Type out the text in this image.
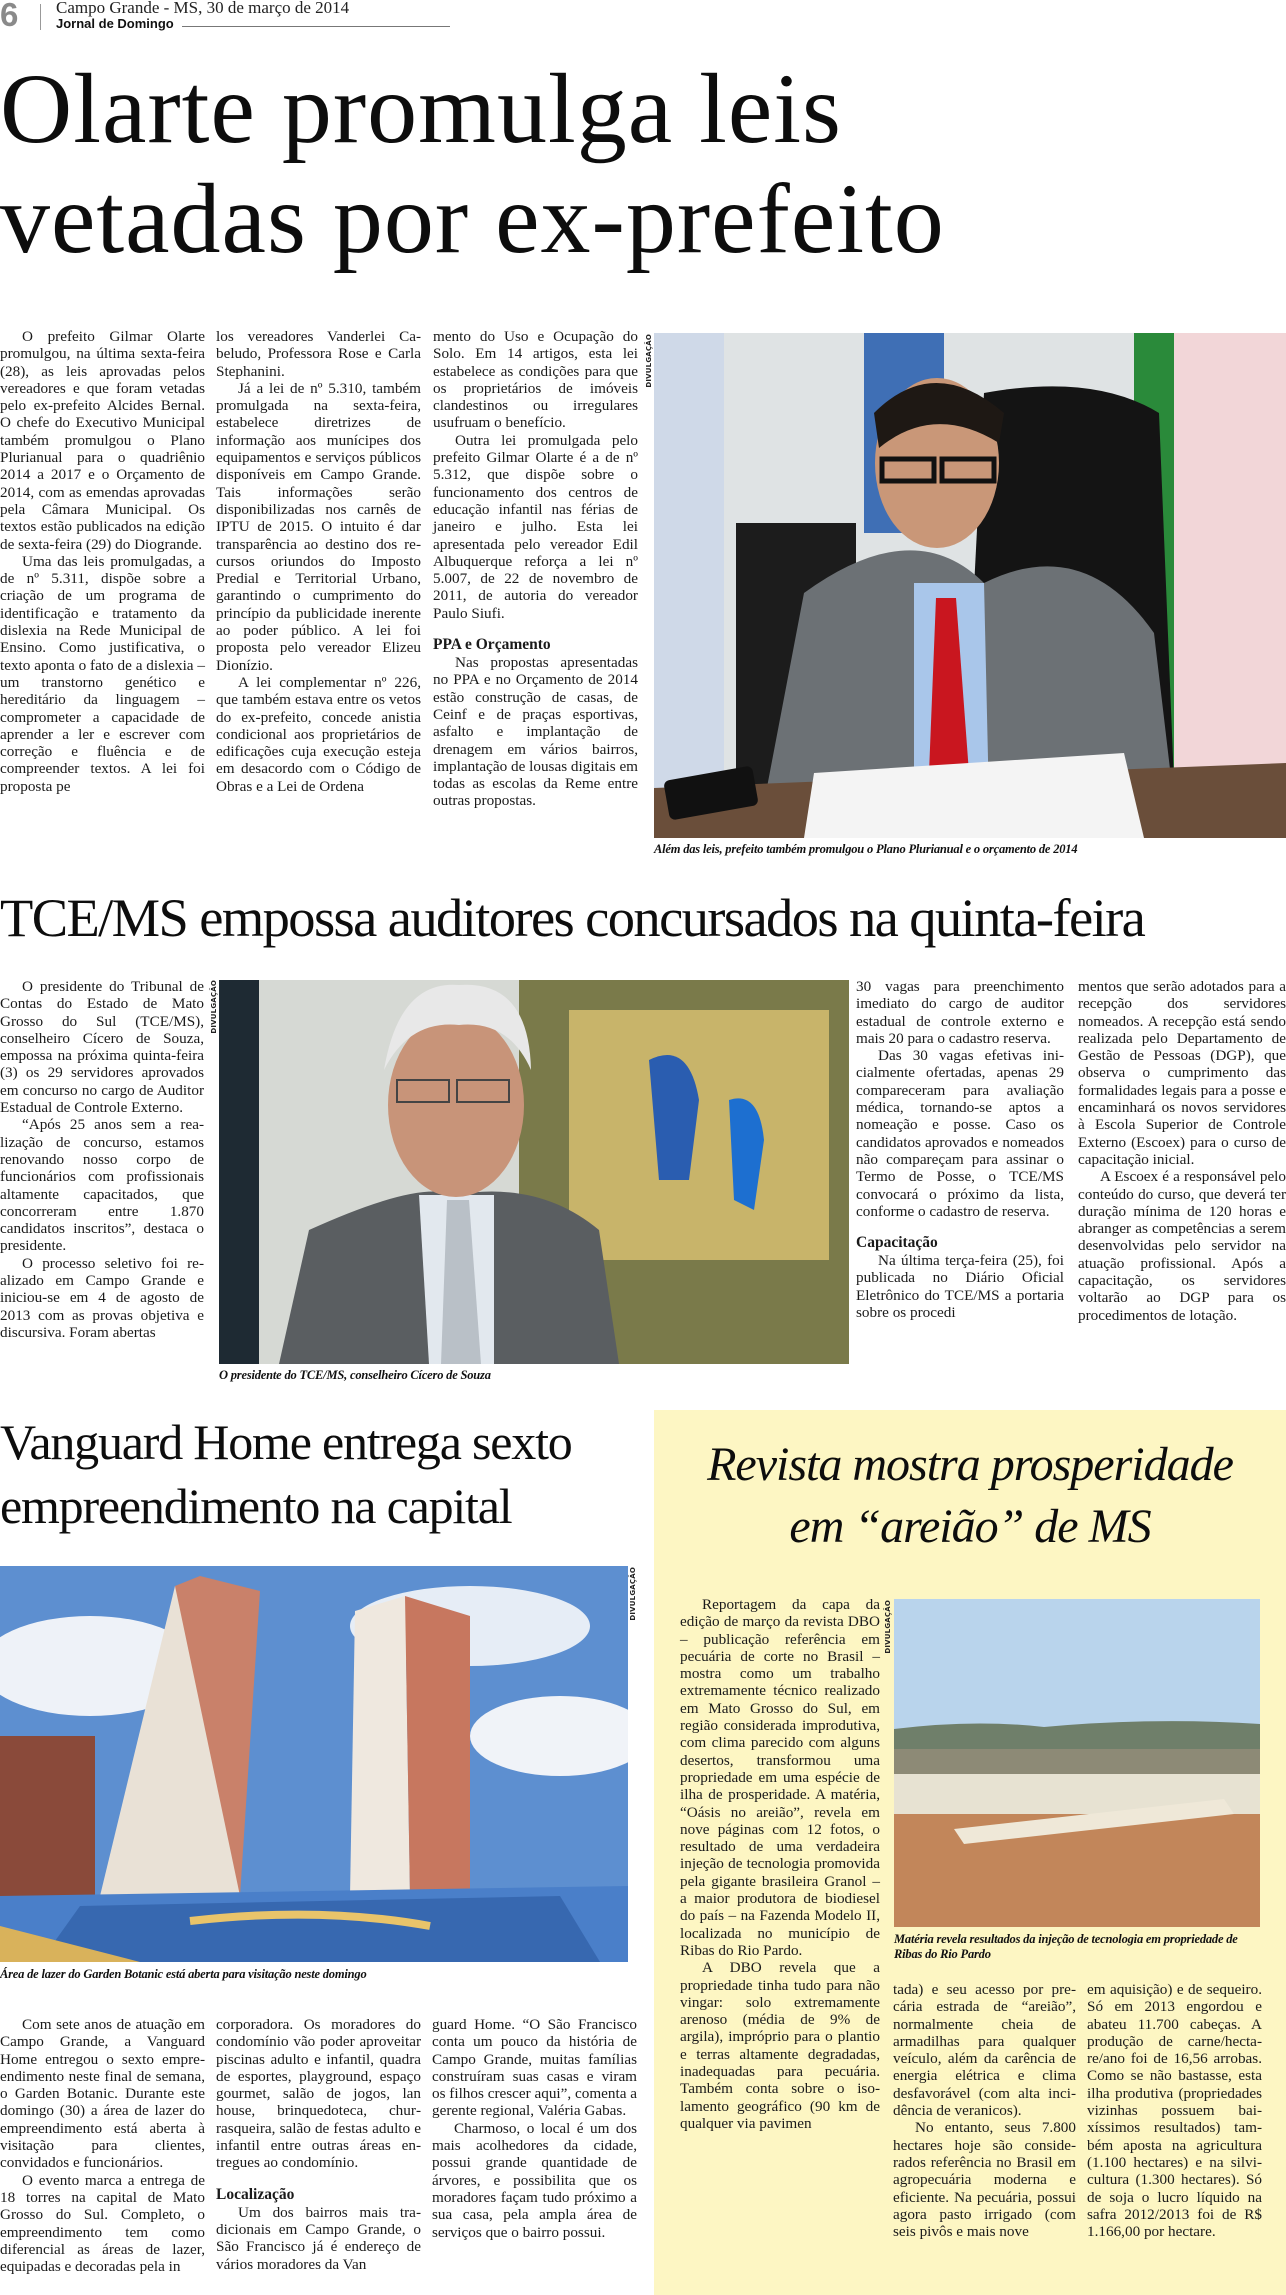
6 Campo Grande - MS, 30 de março de 2014
Jornal de Domingo
Olarte promulga leis
vetadas por ex-prefeito

O prefeito Gilmar Olarte promulgou, na última sexta-feira (28), as leis aprovadas pelos vereadores e que foram vetadas pelo ex-prefeito Alcides Bernal. O chefe do Executivo Municipal também promulgou o Plano Plurianual para o quadriênio 2014 a 2017 e o Orçamento de 2014, com as emendas aprovadas pela Câmara Municipal. Os textos estão publicados na edição de sexta-feira (29) do Diogrande.

Uma das leis promulgadas, a de nº 5.311, dispõe sobre a criação de um programa de identificação e tratamento da dislexia na Rede Municipal de Ensino. Como justificativa, o texto aponta o fato de a dislexia – um transtorno genético e hereditário da linguagem – comprometer a capacidade de aprender a ler e escrever com correção e fluência e de compreender textos. A lei foi proposta pe

los vereadores Vanderlei Cabeludo, Professora Rose e Carla Stephanini.

Já a lei de nº 5.310, também promulgada na sexta-feira, estabelece diretrizes de informação aos munícipes dos equipamentos e serviços públicos disponíveis em Campo Grande. Tais informações serão disponibilizadas nos carnês de IPTU de 2015. O intuito é dar transparência ao destino dos recursos oriundos do Imposto Predial e Territorial Urbano, garantindo o cumprimento do princípio da publicidade inerente ao poder público. A lei foi proposta pelo vereador Elizeu Dionízio.

A lei complementar nº 226, que também estava entre os vetos do ex-prefeito, concede anistia condicional aos proprietários de edificações cuja execução esteja em desacordo com o Código de Obras e a Lei de Ordena

mento do Uso e Ocupação do Solo. Em 14 artigos, esta lei estabelece as condições para que os proprietários de imóveis clandestinos ou irregulares usufruam o benefício.

Outra lei promulgada pelo prefeito Gilmar Olarte é a de nº 5.312, que dispõe sobre o funcionamento dos centros de educação infantil nas férias de janeiro e julho. Esta lei apresentada pelo vereador Edil Albuquerque reforça a lei nº 5.007, de 22 de novembro de 2011, de autoria do vereador Paulo Siufi.

PPA e Orçamento

Nas propostas apresentadas no PPA e no Orçamento de 2014 estão construção de casas, de Ceinf e de praças esportivas, asfalto e implantação de drenagem em vários bairros, implantação de lousas digitais em todas as escolas da Reme entre outras propostas.

DIVULGAÇÃO
Além das leis, prefeito também promulgou o Plano Plurianual e o orçamento de 2014
TCE/MS empossa auditores concursados na quinta-feira

O presidente do Tribunal de Contas do Estado de Mato Grosso do Sul (TCE/MS), conselheiro Cícero de Souza, empossa na próxima quinta-feira (3) os 29 servidores aprovados em concurso no cargo de Auditor Estadual de Controle Externo.

“Após 25 anos sem a realização de concurso, estamos renovando nosso corpo de funcionários com profissionais altamente capacitados, que concorreram entre 1.870 candidatos inscritos”, destaca o presidente.

O processo seletivo foi realizado em Campo Grande e iniciou-se em 4 de agosto de 2013 com as provas objetiva e discursiva. Foram abertas

DIVULGAÇÃO
O presidente do TCE/MS, conselheiro Cícero de Souza

30 vagas para preenchimento imediato do cargo de auditor estadual de controle externo e mais 20 para o cadastro reserva.

Das 30 vagas efetivas inicialmente ofertadas, apenas 29 compareceram para avaliação médica, tornando-se aptos a nomeação e posse. Caso os candidatos aprovados e nomeados não compareçam para assinar o Termo de Posse, o TCE/MS convocará o próximo da lista, conforme o cadastro de reserva.

Capacitação

Na última terça-feira (25), foi publicada no Diário Oficial Eletrônico do TCE/MS a portaria sobre os procedi

mentos que serão adotados para a recepção dos servidores nomeados. A recepção está sendo realizada pelo Departamento de Gestão de Pessoas (DGP), que observa o cumprimento das formalidades legais para a posse e encaminhará os novos servidores à Escola Superior de Controle Externo (Escoex) para o curso de capacitação inicial.

A Escoex é a responsável pelo conteúdo do curso, que deverá ter duração mínima de 120 horas e abranger as competências a serem desenvolvidas pelo servidor na atuação profissional. Após a capacitação, os servidores voltarão ao DGP para os procedimentos de lotação.

Vanguard Home entrega sexto
empreendimento na capital
DIVULGAÇÃO
Área de lazer do Garden Botanic está aberta para visitação neste domingo

Com sete anos de atuação em Campo Grande, a Vanguard Home entregou o sexto empreendimento neste final de semana, o Garden Botanic. Durante este domingo (30) a área de lazer do empreendimento está aberta à visitação para clientes, convidados e funcionários.

O evento marca a entrega de 18 torres na capital de Mato Grosso do Sul. Completo, o empreendimento tem como diferencial as áreas de lazer, equipadas e decoradas pela in

corporadora. Os moradores do condomínio vão poder aproveitar piscinas adulto e infantil, quadra de esportes, playground, espaço gourmet, salão de jogos, lan house, brinquedoteca, churrasqueira, salão de festas adulto e infantil entre outras áreas entregues ao condomínio.

Localização

Um dos bairros mais tradicionais em Campo Grande, o São Francisco já é endereço de vários moradores da Van

guard Home. “O São Francisco conta um pouco da história de Campo Grande, muitas famílias construíram suas casas e viram os filhos crescer aqui”, comenta a gerente regional, Valéria Gabas.

Charmoso, o local é um dos mais acolhedores da cidade, possui grande quantidade de árvores, e possibilita que os moradores façam tudo próximo a sua casa, pela ampla área de serviços que o bairro possui.

Revista mostra prosperidade
em “areião” de MS

Reportagem da capa da edição de março da revista DBO – publicação referência em pecuária de corte no Brasil – mostra como um trabalho extremamente técnico realizado em Mato Grosso do Sul, em região considerada improdutiva, com clima parecido com alguns desertos, transformou uma propriedade em uma espécie de ilha de prosperidade. A matéria, “Oásis no areião”, revela em nove páginas com 12 fotos, o resultado de uma verdadeira injeção de tecnologia promovida pela gigante brasileira Granol – a maior produtora de biodiesel do país – na Fazenda Modelo II, localizada no município de Ribas do Rio Pardo.

A DBO revela que a propriedade tinha tudo para não vingar: solo extremamente arenoso (média de 9% de argila), impróprio para o plantio e terras altamente degradadas, inadequadas para pecuária. Também conta sobre o isolamento geográfico (90 km de qualquer via pavimen

DIVULGAÇÃO
Matéria revela resultados da injeção de tecnologia em propriedade de Ribas do Rio Pardo

tada) e seu acesso por precária estrada de “areião”, normalmente cheia de armadilhas para qualquer veículo, além da carência de energia elétrica e clima desfavorável (com alta incidência de veranicos).

No entanto, seus 7.800 hectares hoje são considerados referência no Brasil em agropecuária moderna e eficiente. Na pecuária, possui agora pasto irrigado (com seis pivôs e mais nove

em aquisição) e de sequeiro. Só em 2013 engordou e abateu 11.700 cabeças. A produção de carne/hectare/ano foi de 16,56 arrobas. Como se não bastasse, esta ilha produtiva (propriedades vizinhas possuem baixíssimos resultados) também aposta na agricultura (1.100 hectares) e na silvicultura (1.300 hectares). Só de soja o lucro líquido na safra 2012/2013 foi de R$ 1.166,00 por hectare.
